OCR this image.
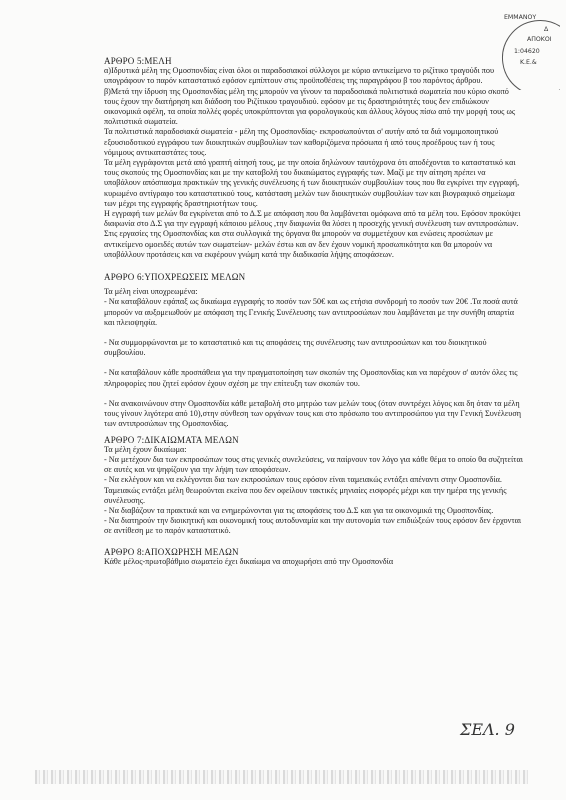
ΕΜΜΑΝΟΥ
Δ
ΑΠΟΚΟΙ
1:04620
Κ.Ε.&
ΑΡΘΡΟ 5:ΜΕΛΗ

α)Ιδρυτικά μέλη της Ομοσπονδίας είναι όλοι οι παραδοσιακοί σύλλογοι με κύριο αντικείμενο το ριζίτικο τραγούδι που υπογράφουν το παρόν καταστατικό εφόσον εμπίπτουν στις προϋποθέσεις της παραγράφου β του παρόντος άρθρου.

β)Μετά την ίδρυση της Ομοσπονδίας μέλη της μπορούν να γίνουν τα παραδοσιακά πολιτιστικά σωματεία που κύριο σκοπό τους έχουν την διατήρηση και διάδοση του Ριζίτικου τραγουδιού. εφόσον με τις δραστηριότητές τους δεν επιδιώκουν οικονομικά οφέλη, τα οποία πολλές φορές υποκρύπτονται για φορολογικούς και άλλους λόγους πίσω από την μορφή τους ως πολιτιστικά σωματεία.

Τα πολιτιστικά παραδοσιακά σωματεία - μέλη της Ομοσπονδίας- εκπροσωπούνται σ' αυτήν από τα διά νομιμοποιητικού εξουσιοδοτικού εγγράφου των διοικητικών συμβουλίων των καθοριζόμενα πρόσωπα ή από τους προέδρους των ή τους νόμιμους αντικαταστάτες τους.

Τα μέλη εγγράφονται μετά από γραπτή αίτησή τους, με την οποία δηλώνουν ταυτόχρονα ότι αποδέχονται το καταστατικό και τους σκοπούς της Ομοσπονδίας και με την καταβολή του δικαιώματος εγγραφής των. Μαζί με την αίτηση πρέπει να υποβάλουν απόσπασμα πρακτικών της γενικής συνέλευσης ή των διοικητικών συμβουλίων τους που θα εγκρίνει την εγγραφή, κυρωμένο αντίγραφο του καταστατικού τους, κατάσταση μελών των διοικητικών συμβουλίων των και βιογραφικό σημείωμα των μέχρι της εγγραφής δραστηριοτήτων τους.

Η εγγραφή των μελών θα εγκρίνεται από το Δ.Σ με απόφαση που θα λαμβάνεται ομόφωνα από τα μέλη του. Εφόσον προκύψει διαφωνία στο Δ.Σ για την εγγραφή κάποιου μέλους ,την διαφωνία θα λύσει η προσεχής γενική συνέλευση των αντιπροσώπων.

Στις εργασίες της Ομοσπονδίας και στα συλλογικά της όργανα θα μπορούν να συμμετέχουν και ενώσεις προσώπων με αντικείμενο ομοειδές αυτών των σωματείων- μελών έστω και αν δεν έχουν νομική προσωπικότητα και θα μπορούν να υποβάλλουν προτάσεις και να εκφέρουν γνώμη κατά την διαδικασία λήψης αποφάσεων.

ΑΡΘΡΟ 6:ΥΠΟΧΡΕΩΣΕΙΣ ΜΕΛΩΝ

Τα μέλη είναι υποχρεωμένα:

- Να καταβάλουν εφάπαξ ως δικαίωμα εγγραφής το ποσόν των 50€ και ως ετήσια συνδρομή το ποσόν των 20€ .Τα ποσά αυτά μπορούν να αυξομειωθούν με απόφαση της Γενικής Συνέλευσης των αντιπροσώπων που λαμβάνεται με την συνήθη απαρτία και πλειοψηφία.

- Να συμμορφώνονται με το καταστατικό και τις αποφάσεις της συνέλευσης των αντιπροσώπων και του διοικητικού συμβουλίου.

- Να καταβάλουν κάθε προσπάθεια για την πραγματοποίηση των σκοπών της Ομοσπονδίας και να παρέχουν σ' αυτόν όλες τις πληροφορίες που ζητεί εφόσον έχουν σχέση με την επίτευξη των σκοπών του.

- Να ανακοινώνουν στην Ομοσπονδία κάθε μεταβολή στο μητρώο των μελών τους (όταν συντρέχει λόγος και δη όταν τα μέλη τους γίνουν λιγότερα από 10),στην σύνθεση των οργάνων τους και στο πρόσωπο του αντιπροσώπου για την Γενική Συνέλευση των αντιπροσώπων της Ομοσπονδίας.

ΑΡΘΡΟ 7:ΔΙΚΑΙΩΜΑΤΑ ΜΕΛΩΝ

Τα μέλη έχουν δικαίωμα:

- Να μετέχουν δια των εκπροσώπων τους στις γενικές συνελεύσεις, να παίρνουν τον λόγο για κάθε θέμα το οποίο θα συζητείται σε αυτές και να ψηφίζουν για την λήψη των αποφάσεων.

- Να εκλέγουν και να εκλέγονται δια των εκπροσώπων τους εφόσον είναι ταμειακώς εντάξει απέναντι στην Ομοσπονδία. Ταμειακώς εντάξει μέλη θεωρούνται εκείνα που δεν οφείλουν τακτικές μηνιαίες εισφορές μέχρι και την ημέρα της γενικής συνέλευσης.

- Να διαβάζουν τα πρακτικά και να ενημερώνονται για τις αποφάσεις του Δ.Σ και για τα οικονομικά της Ομοσπονδίας.

- Να διατηρούν την διοικητική και οικονομική τους αυτοδυναμία και την αυτονομία των επιδιώξεών τους εφόσον δεν έρχονται σε αντίθεση με το παρόν καταστατικό.

ΑΡΘΡΟ 8:ΑΠΟΧΩΡΗΣΗ ΜΕΛΩΝ

Κάθε μέλος-πρωτοβάθμιο σωματείο έχει δικαίωμα να αποχωρήσει από την Ομοσπονδία

ΣΕΛ. 9
